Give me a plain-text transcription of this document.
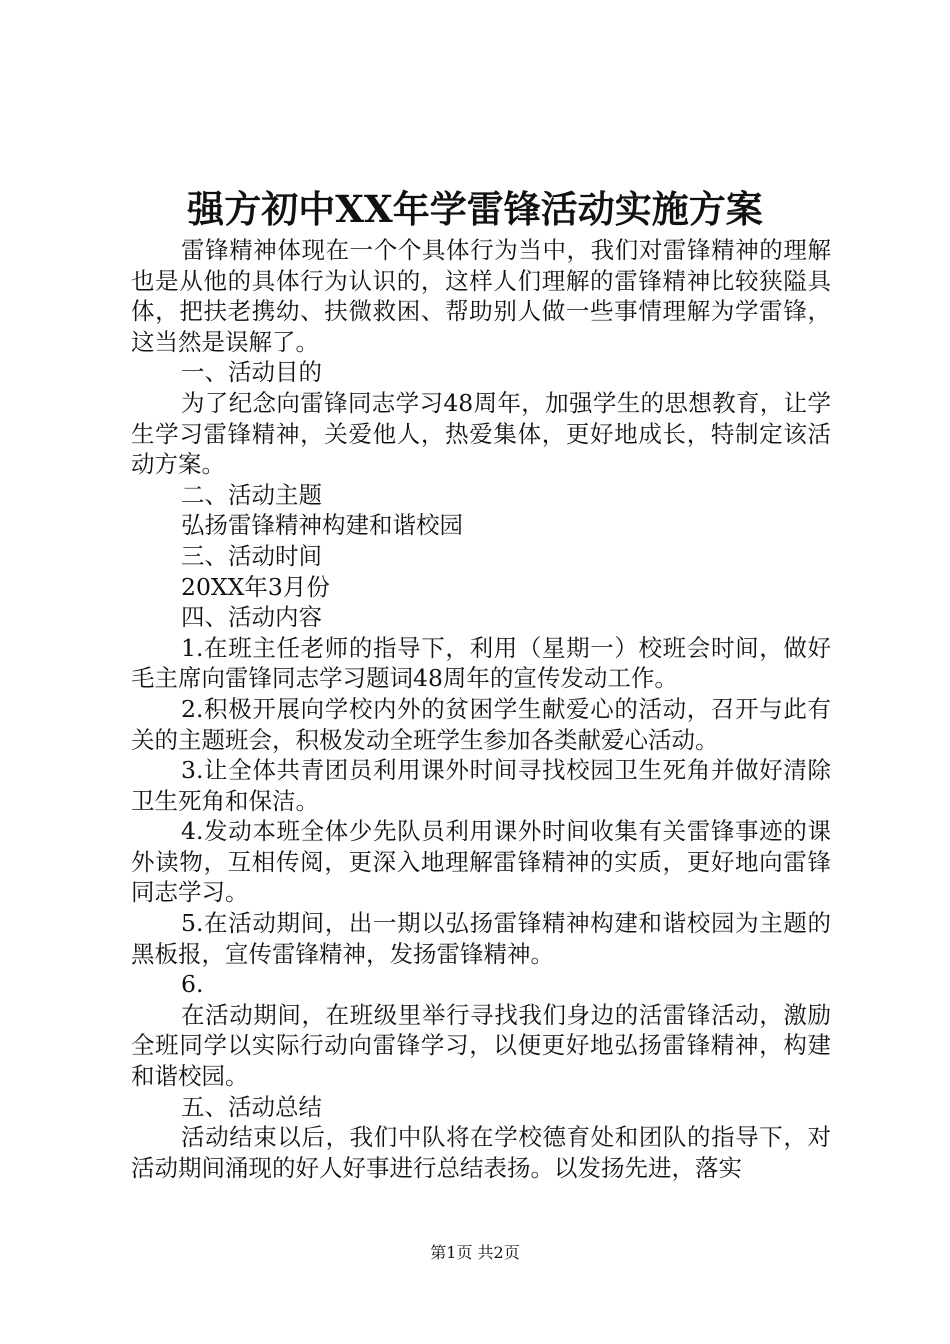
强方初中XX年学雷锋活动实施方案

雷锋精神体现在一个个具体行为当中，我们对雷锋精神的理解也是从他的具体行为认识的，这样人们理解的雷锋精神比较狭隘具体，把扶老携幼、扶微救困、帮助别人做一些事情理解为学雷锋，这当然是误解了。

一、活动目的

为了纪念向雷锋同志学习48周年，加强学生的思想教育，让学生学习雷锋精神，关爱他人，热爱集体，更好地成长，特制定该活动方案。

二、活动主题

弘扬雷锋精神构建和谐校园

三、活动时间

20XX年3月份

四、活动内容

1.在班主任老师的指导下，利用（星期一）校班会时间，做好毛主席向雷锋同志学习题词48周年的宣传发动工作。

2.积极开展向学校内外的贫困学生献爱心的活动，召开与此有关的主题班会，积极发动全班学生参加各类献爱心活动。

3.让全体共青团员利用课外时间寻找校园卫生死角并做好清除卫生死角和保洁。

4.发动本班全体少先队员利用课外时间收集有关雷锋事迹的课外读物，互相传阅，更深入地理解雷锋精神的实质，更好地向雷锋同志学习。

5.在活动期间，出一期以弘扬雷锋精神构建和谐校园为主题的黑板报，宣传雷锋精神，发扬雷锋精神。

6.

在活动期间，在班级里举行寻找我们身边的活雷锋活动，激励全班同学以实际行动向雷锋学习，以便更好地弘扬雷锋精神，构建和谐校园。

五、活动总结

活动结束以后，我们中队将在学校德育处和团队的指导下，对活动期间涌现的好人好事进行总结表扬。以发扬先进，落实

第1页 共2页
